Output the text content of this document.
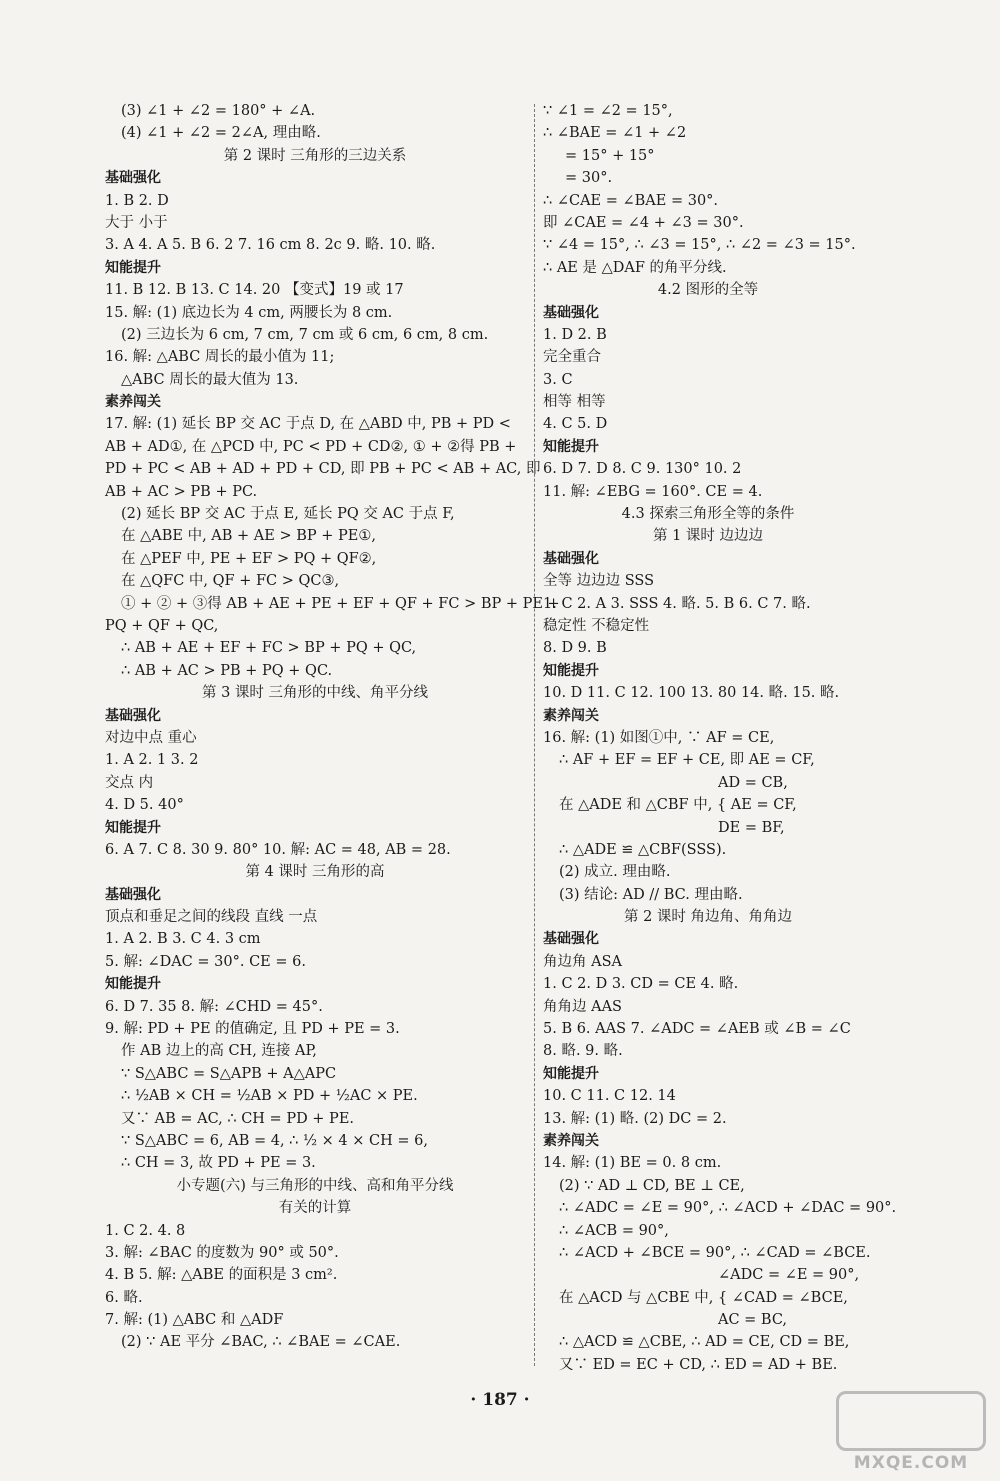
(3) ∠1 + ∠2 = 180° + ∠A.
(4) ∠1 + ∠2 = 2∠A, 理由略.
第 2 课时 三角形的三边关系
基础强化
1. B 2. D
大于 小于
3. A 4. A 5. B 6. 2 7. 16 cm 8. 2c 9. 略. 10. 略.
知能提升
11. B 12. B 13. C 14. 20 【变式】19 或 17
15. 解: (1) 底边长为 4 cm, 两腰长为 8 cm.
(2) 三边长为 6 cm, 7 cm, 7 cm 或 6 cm, 6 cm, 8 cm.
16. 解: △ABC 周长的最小值为 11;
△ABC 周长的最大值为 13.
素养闯关
17. 解: (1) 延长 BP 交 AC 于点 D, 在 △ABD 中, PB + PD <
AB + AD①, 在 △PCD 中, PC < PD + CD②, ① + ②得 PB +
PD + PC < AB + AD + PD + CD, 即 PB + PC < AB + AC, 即
AB + AC > PB + PC.
(2) 延长 BP 交 AC 于点 E, 延长 PQ 交 AC 于点 F,
在 △ABE 中, AB + AE > BP + PE①,
在 △PEF 中, PE + EF > PQ + QF②,
在 △QFC 中, QF + FC > QC③,
① + ② + ③得 AB + AE + PE + EF + QF + FC > BP + PE +
PQ + QF + QC,
∴ AB + AE + EF + FC > BP + PQ + QC,
∴ AB + AC > PB + PQ + QC.
第 3 课时 三角形的中线、角平分线
基础强化
对边中点 重心
1. A 2. 1 3. 2
交点 内
4. D 5. 40°
知能提升
6. A 7. C 8. 30 9. 80° 10. 解: AC = 48, AB = 28.
第 4 课时 三角形的高
基础强化
顶点和垂足之间的线段 直线 一点
1. A 2. B 3. C 4. 3 cm
5. 解: ∠DAC = 30°. CE = 6.
知能提升
6. D 7. 35 8. 解: ∠CHD = 45°.
9. 解: PD + PE 的值确定, 且 PD + PE = 3.
作 AB 边上的高 CH, 连接 AP,
∵ S△ABC = S△APB + A△APC
∴ ½AB × CH = ½AB × PD + ½AC × PE.
又∵ AB = AC, ∴ CH = PD + PE.
∵ S△ABC = 6, AB = 4, ∴ ½ × 4 × CH = 6,
∴ CH = 3, 故 PD + PE = 3.
小专题(六) 与三角形的中线、高和角平分线
有关的计算
1. C 2. 4. 8
3. 解: ∠BAC 的度数为 90° 或 50°.
4. B 5. 解: △ABE 的面积是 3 cm².
6. 略.
7. 解: (1) △ABC 和 △ADF
(2) ∵ AE 平分 ∠BAC, ∴ ∠BAE = ∠CAE.
∵ ∠1 = ∠2 = 15°,
∴ ∠BAE = ∠1 + ∠2
= 15° + 15°
= 30°.
∴ ∠CAE = ∠BAE = 30°.
即 ∠CAE = ∠4 + ∠3 = 30°.
∵ ∠4 = 15°, ∴ ∠3 = 15°, ∴ ∠2 = ∠3 = 15°.
∴ AE 是 △DAF 的角平分线.
4.2 图形的全等
基础强化
1. D 2. B
完全重合
3. C
相等 相等
4. C 5. D
知能提升
6. D 7. D 8. C 9. 130° 10. 2
11. 解: ∠EBG = 160°. CE = 4.
4.3 探索三角形全等的条件
第 1 课时 边边边
基础强化
全等 边边边 SSS
1. C 2. A 3. SSS 4. 略. 5. B 6. C 7. 略.
稳定性 不稳定性
8. D 9. B
知能提升
10. D 11. C 12. 100 13. 80 14. 略. 15. 略.
素养闯关
16. 解: (1) 如图①中, ∵ AF = CE,
∴ AF + EF = EF + CE, 即 AE = CF,
AD = CB,
在 △ADE 和 △CBF 中, { AE = CF,
DE = BF,
∴ △ADE ≌ △CBF(SSS).
(2) 成立. 理由略.
(3) 结论: AD // BC. 理由略.
第 2 课时 角边角、角角边
基础强化
角边角 ASA
1. C 2. D 3. CD = CE 4. 略.
角角边 AAS
5. B 6. AAS 7. ∠ADC = ∠AEB 或 ∠B = ∠C
8. 略. 9. 略.
知能提升
10. C 11. C 12. 14
13. 解: (1) 略. (2) DC = 2.
素养闯关
14. 解: (1) BE = 0. 8 cm.
(2) ∵ AD ⊥ CD, BE ⊥ CE,
∴ ∠ADC = ∠E = 90°, ∴ ∠ACD + ∠DAC = 90°.
∴ ∠ACB = 90°,
∴ ∠ACD + ∠BCE = 90°, ∴ ∠CAD = ∠BCE.
∠ADC = ∠E = 90°,
在 △ACD 与 △CBE 中, { ∠CAD = ∠BCE,
AC = BC,
∴ △ACD ≌ △CBE, ∴ AD = CE, CD = BE,
又∵ ED = EC + CD, ∴ ED = AD + BE.
· 187 ·
MXQE.COM
